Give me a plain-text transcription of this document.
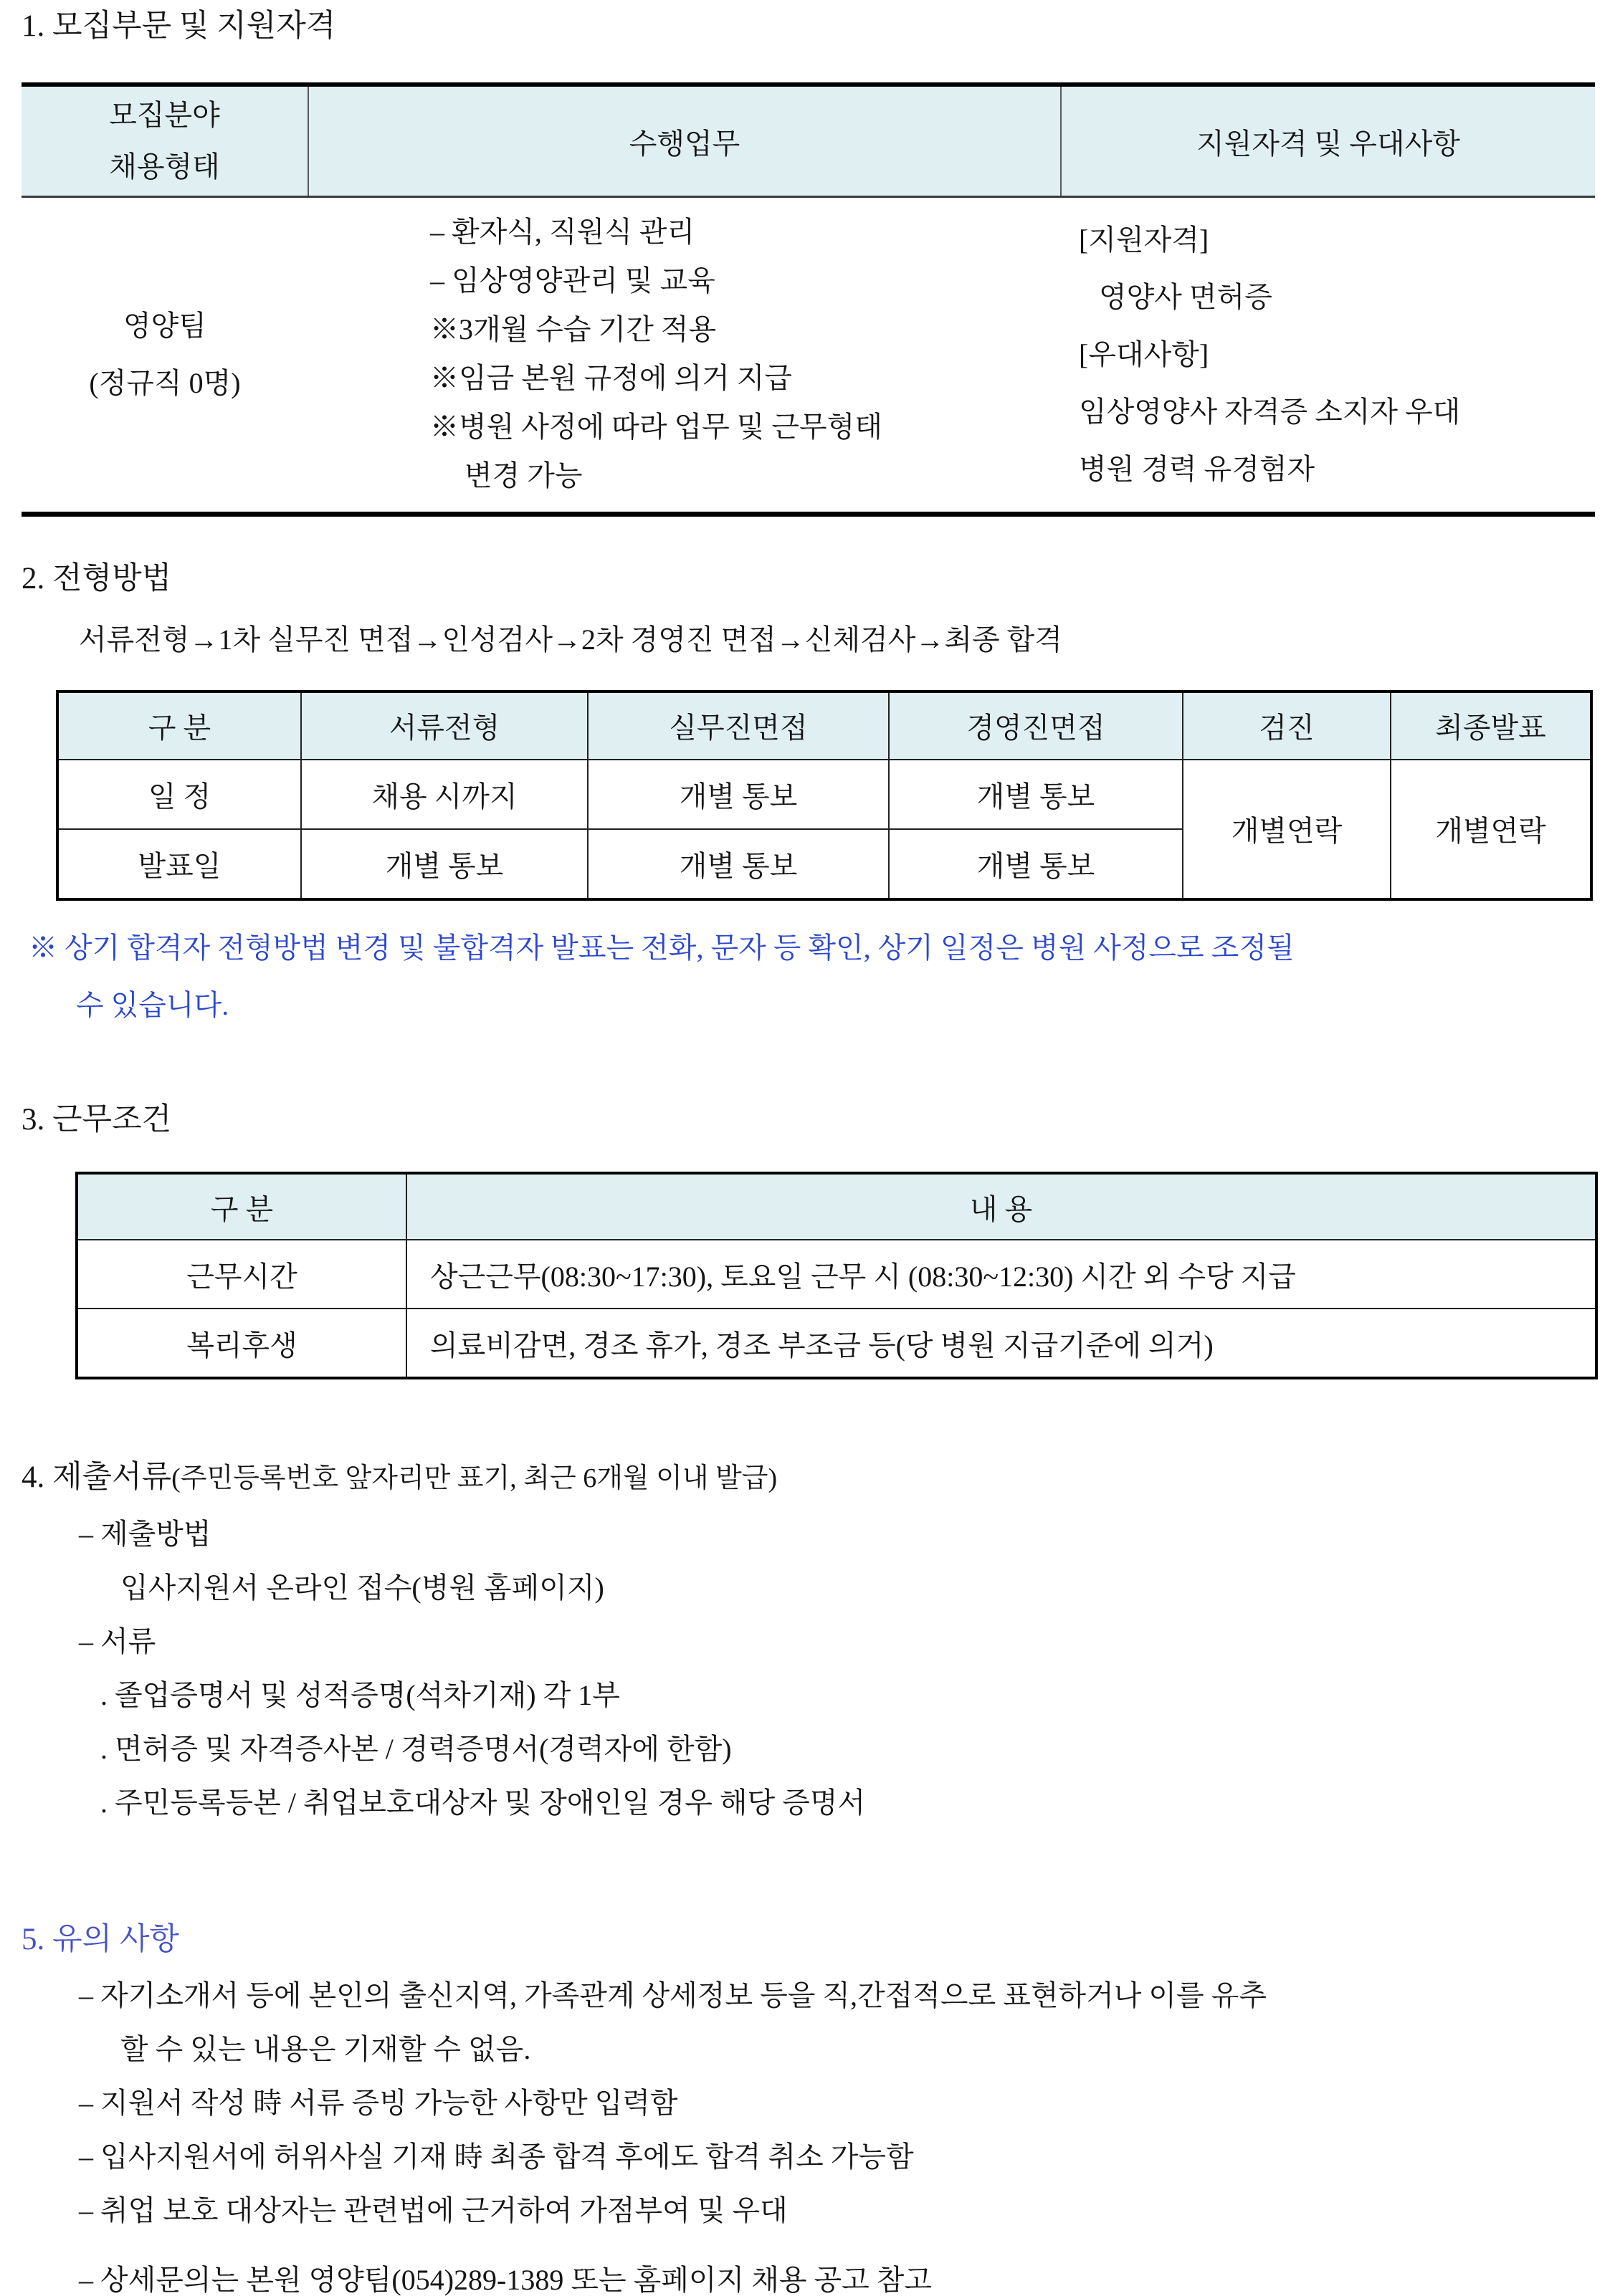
1. 모집부문 및 지원자격
모집분야
채용형태	수행업무	지원자격 및 우대사항

영양팀
(정규직 0명)

– 환자식, 직원식 관리
– 임상영양관리 및 교육
※3개월 수습 기간 적용
※임금 본원 규정에 의거 지급
※병원 사정에 따라 업무 및 근무형태
변경 가능

[지원자격]
영양사 면허증
[우대사항]
임상영양사 자격증 소지자 우대
병원 경력 유경험자
2. 전형방법
서류전형→1차 실무진 면접→인성검사→2차 경영진 면접→신체검사→최종 합격
구 분	서류전형	실무진면접	경영진면접	검진	최종발표
일 정	채용 시까지	개별 통보	개별 통보	개별연락	개별연락
발표일	개별 통보	개별 통보	개별 통보		
※ 상기 합격자 전형방법 변경 및 불합격자 발표는 전화, 문자 등 확인, 상기 일정은 병원 사정으로 조정될
수 있습니다.
3. 근무조건
구 분	내 용
근무시간	상근근무(08:30~17:30), 토요일 근무 시 (08:30~12:30) 시간 외 수당 지급
복리후생	의료비감면, 경조 휴가, 경조 부조금 등(당 병원 지급기준에 의거)
4. 제출서류(주민등록번호 앞자리만 표기, 최근 6개월 이내 발급)
– 제출방법
입사지원서 온라인 접수(병원 홈페이지)
– 서류
. 졸업증명서 및 성적증명(석차기재) 각 1부
. 면허증 및 자격증사본 / 경력증명서(경력자에 한함)
. 주민등록등본 / 취업보호대상자 및 장애인일 경우 해당 증명서
5. 유의 사항
– 자기소개서 등에 본인의 출신지역, 가족관계 상세정보 등을 직,간접적으로 표현하거나 이를 유추
할 수 있는 내용은 기재할 수 없음.
– 지원서 작성 時 서류 증빙 가능한 사항만 입력함
– 입사지원서에 허위사실 기재 時 최종 합격 후에도 합격 취소 가능함
– 취업 보호 대상자는 관련법에 근거하여 가점부여 및 우대
– 상세문의는 본원 영양팀(054)289-1389 또는 홈페이지 채용 공고 참고
